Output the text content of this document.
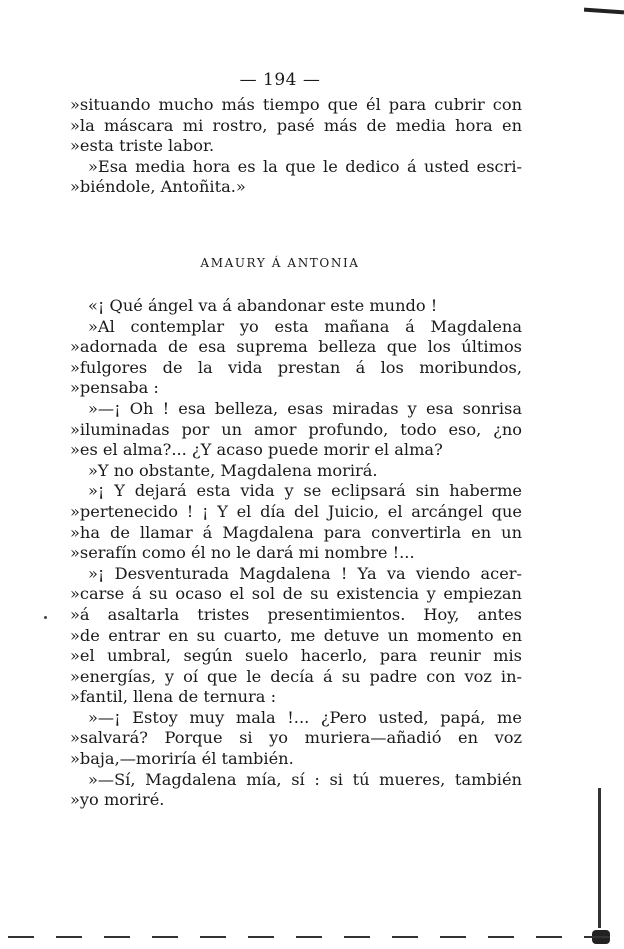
— 194 —
»situando mucho más tiempo que él para cubrir con
»la máscara mi rostro, pasé más de media hora en
»esta triste labor.
»Esa media hora es la que le dedico á usted escri-
»biéndole, Antoñita.»
AMAURY Á ANTONIA
«¡ Qué ángel va á abandonar este mundo !
»Al contemplar yo esta mañana á Magdalena
»adornada de esa suprema belleza que los últimos
»fulgores de la vida prestan á los moribundos,
»pensaba :
»—¡ Oh ! esa belleza, esas miradas y esa sonrisa
»iluminadas por un amor profundo, todo eso, ¿no
»es el alma?... ¿Y acaso puede morir el alma?
»Y no obstante, Magdalena morirá.
»¡ Y dejará esta vida y se eclipsará sin haberme
»pertenecido ! ¡ Y el día del Juicio, el arcángel que
»ha de llamar á Magdalena para convertirla en un
»serafín como él no le dará mi nombre !...
»¡ Desventurada Magdalena ! Ya va viendo acer-
»carse á su ocaso el sol de su existencia y empiezan
»á asaltarla tristes presentimientos. Hoy, antes
»de entrar en su cuarto, me detuve un momento en
»el umbral, según suelo hacerlo, para reunir mis
»energías, y oí que le decía á su padre con voz in-
»fantil, llena de ternura :
»—¡ Estoy muy mala !... ¿Pero usted, papá, me
»salvará? Porque si yo muriera—añadió en voz
»baja,—moriría él también.
»—Sí, Magdalena mía, sí : si tú mueres, también
»yo moriré.
